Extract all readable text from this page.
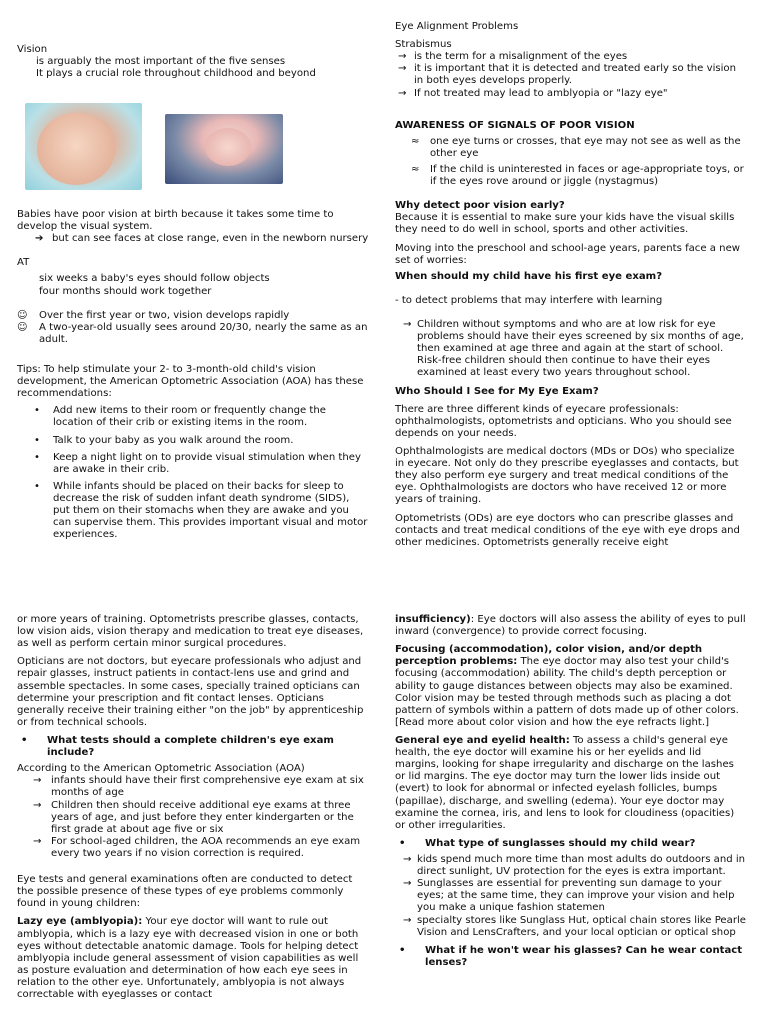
Vision

is arguably the most important of the five senses

It plays a crucial role throughout childhood and beyond

Babies have poor vision at birth because it takes some time to develop the visual system.

➔ but can see faces at close range, even in the newborn nursery

AT

six weeks a baby's eyes should follow objects

four months should work together

☺	Over the first year or two, vision develops rapidly
☺	A two-year-old usually sees around 20/30, nearly the same as an adult.

Tips: To help stimulate your 2- to 3-month-old child's vision development, the American Optometric Association (AOA) has these recommendations:

•	Add new items to their room or frequently change the location of their crib or existing items in the room.
•	Talk to your baby as you walk around the room.
•	Keep a night light on to provide visual stimulation when they are awake in their crib.
•	While infants should be placed on their backs for sleep to decrease the risk of sudden infant death syndrome (SIDS), put them on their stomachs when they are awake and you can supervise them. This provides important visual and motor experiences.

Eye Alignment Problems

Strabismus

→ is the term for a misalignment of the eyes
→ it is important that it is detected and treated early so the vision in both eyes develops properly.
→ If not treated may lead to amblyopia or "lazy eye"

AWARENESS OF SIGNALS OF POOR VISION

≈	one eye turns or crosses, that eye may not see as well as the other eye
≈	If the child is uninterested in faces or age-appropriate toys, or if the eyes rove around or jiggle (nystagmus)

Why detect poor vision early?

Because it is essential to make sure your kids have the visual skills they need to do well in school, sports and other activities.

Moving into the preschool and school-age years, parents face a new set of worries:

When should my child have his first eye exam?

- to detect problems that may interfere with learning

→ Children without symptoms and who are at low risk for eye problems should have their eyes screened by six months of age, then examined at age three and again at the start of school. Risk-free children should then continue to have their eyes examined at least every two years throughout school.

Who Should I See for My Eye Exam?

There are three different kinds of eyecare professionals: ophthalmologists, optometrists and opticians. Who you should see depends on your needs.

Ophthalmologists are medical doctors (MDs or DOs) who specialize in eyecare. Not only do they prescribe eyeglasses and contacts, but they also perform eye surgery and treat medical conditions of the eye. Ophthalmologists are doctors who have received 12 or more years of training.

Optometrists (ODs) are eye doctors who can prescribe glasses and contacts and treat medical conditions of the eye with eye drops and other medicines. Optometrists generally receive eight

or more years of training. Optometrists prescribe glasses, contacts, low vision aids, vision therapy and medication to treat eye diseases, as well as perform certain minor surgical procedures.

Opticians are not doctors, but eyecare professionals who adjust and repair glasses, instruct patients in contact-lens use and grind and assemble spectacles. In some cases, specially trained opticians can determine your prescription and fit contact lenses. Opticians generally receive their training either "on the job" by apprenticeship or from technical schools.

•	What tests should a complete children's eye exam include?

According to the American Optometric Association (AOA)

→ infants should have their first comprehensive eye exam at six months of age
→ Children then should receive additional eye exams at three years of age, and just before they enter kindergarten or the first grade at about age five or six
→ For school-aged children, the AOA recommends an eye exam every two years if no vision correction is required.

Eye tests and general examinations often are conducted to detect the possible presence of these types of eye problems commonly found in young children:

Lazy eye (amblyopia): Your eye doctor will want to rule out amblyopia, which is a lazy eye with decreased vision in one or both eyes without detectable anatomic damage. Tools for helping detect amblyopia include general assessment of vision capabilities as well as posture evaluation and determination of how each eye sees in relation to the other eye. Unfortunately, amblyopia is not always correctable with eyeglasses or contact

insufficiency): Eye doctors will also assess the ability of eyes to pull inward (convergence) to provide correct focusing.

Focusing (accommodation), color vision, and/or depth perception problems: The eye doctor may also test your child's focusing (accommodation) ability. The child's depth perception or ability to gauge distances between objects may also be examined. Color vision may be tested through methods such as placing a dot pattern of symbols within a pattern of dots made up of other colors. [Read more about color vision and how the eye refracts light.]

General eye and eyelid health: To assess a child's general eye health, the eye doctor will examine his or her eyelids and lid margins, looking for shape irregularity and discharge on the lashes or lid margins. The eye doctor may turn the lower lids inside out (evert) to look for abnormal or infected eyelash follicles, bumps (papillae), discharge, and swelling (edema). Your eye doctor may examine the cornea, iris, and lens to look for cloudiness (opacities) or other irregularities.

•	What type of sunglasses should my child wear?
→ kids spend much more time than most adults do outdoors and in direct sunlight, UV protection for the eyes is extra important.
→ Sunglasses are essential for preventing sun damage to your eyes; at the same time, they can improve your vision and help you make a unique fashion statemen
→ specialty stores like Sunglass Hut, optical chain stores like Pearle Vision and LensCrafters, and your local optician or optical shop
•	What if he won't wear his glasses? Can he wear contact lenses?
